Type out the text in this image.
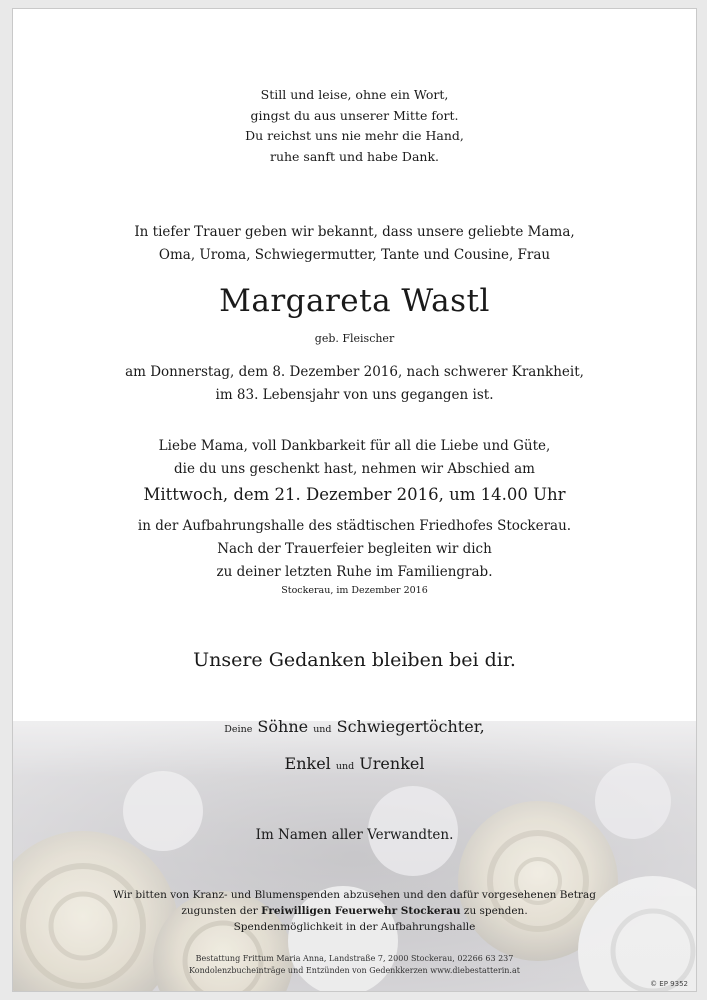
Still und leise, ohne ein Wort,
gingst du aus unserer Mitte fort.
Du reichst uns nie mehr die Hand,
ruhe sanft und habe Dank.
In tiefer Trauer geben wir bekannt, dass unsere geliebte Mama,
Oma, Uroma, Schwiegermutter, Tante und Cousine, Frau
Margareta Wastl
geb. Fleischer
am Donnerstag, dem 8. Dezember 2016, nach schwerer Krankheit,
im 83. Lebensjahr von uns gegangen ist.
Liebe Mama, voll Dankbarkeit für all die Liebe und Güte,
die du uns geschenkt hast, nehmen wir Abschied am
Mittwoch, dem 21. Dezember 2016, um 14.00 Uhr
in der Aufbahrungshalle des städtischen Friedhofes Stockerau.
Nach der Trauerfeier begleiten wir dich
zu deiner letzten Ruhe im Familiengrab.
Stockerau, im Dezember 2016
Unsere Gedanken bleiben bei dir.
Deine Söhne und Schwiegertöchter,
Enkel und Urenkel
Im Namen aller Verwandten.
Wir bitten von Kranz- und Blumenspenden abzusehen und den dafür vorgesehenen Betrag
zugunsten der Freiwilligen Feuerwehr Stockerau zu spenden.
Spendenmöglichkeit in der Aufbahrungshalle
Bestattung Frittum Maria Anna, Landstraße 7, 2000 Stockerau, 02266 63 237
Kondolenzbucheinträge und Entzünden von Gedenkkerzen www.diebestatterin.at
© EP 9352
